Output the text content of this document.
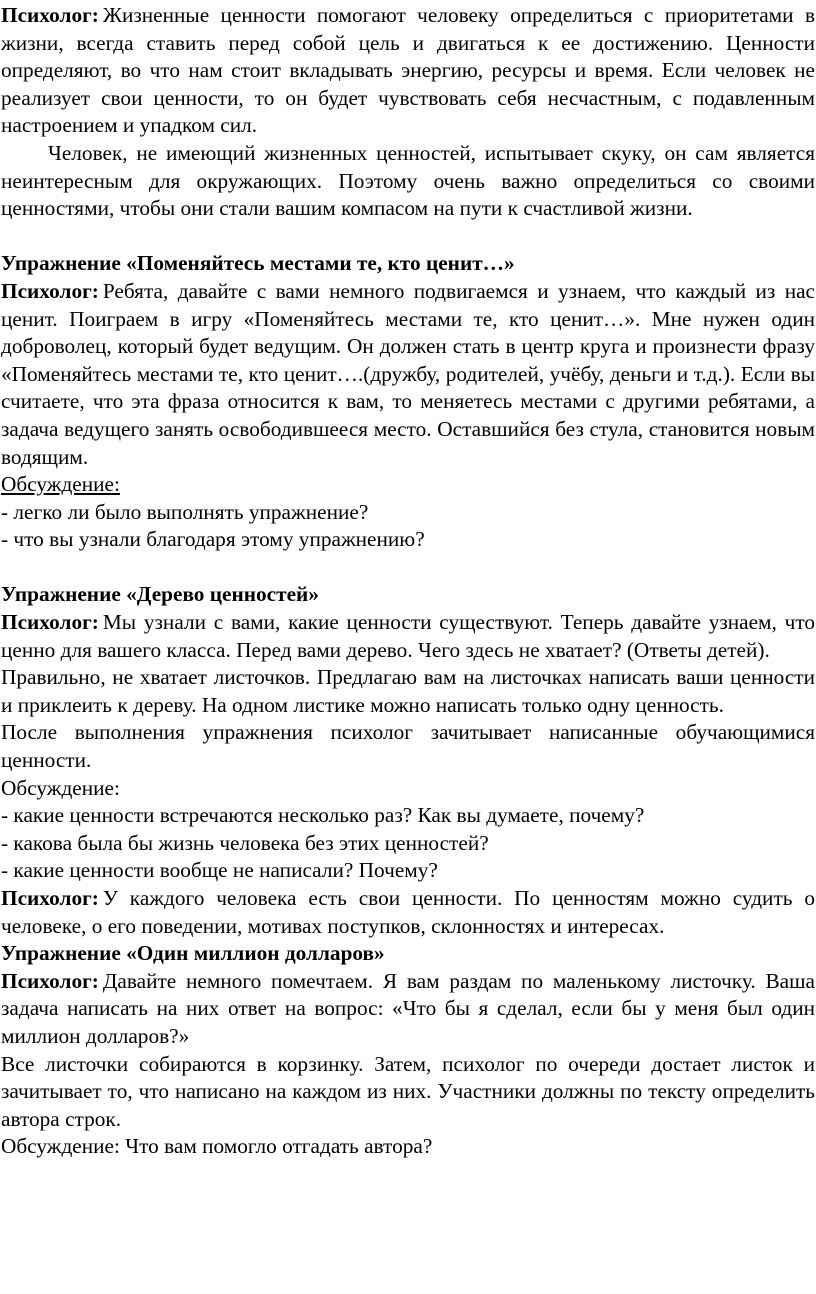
Психолог: Жизненные ценности помогают человеку определиться с приоритетами в жизни, всегда ставить перед собой цель и двигаться к ее достижению. Ценности определяют, во что нам стоит вкладывать энергию, ресурсы и время. Если человек не реализует свои ценности, то он будет чувствовать себя несчастным, с подавленным настроением и упадком сил.

Человек, не имеющий жизненных ценностей, испытывает скуку, он сам является неинтересным для окружающих. Поэтому очень важно определиться со своими ценностями, чтобы они стали вашим компасом на пути к счастливой жизни.

Упражнение «Поменяйтесь местами те, кто ценит…»

Психолог: Ребята, давайте с вами немного подвигаемся и узнаем, что каждый из нас ценит. Поиграем в игру «Поменяйтесь местами те, кто ценит…». Мне нужен один доброволец, который будет ведущим. Он должен стать в центр круга и произнести фразу «Поменяйтесь местами те, кто ценит….(дружбу, родителей, учёбу, деньги и т.д.). Если вы считаете, что эта фраза относится к вам, то меняетесь местами с другими ребятами, а задача ведущего занять освободившееся место. Оставшийся без стула, становится новым водящим.

Обсуждение:

- легко ли было выполнять упражнение?

- что вы узнали благодаря этому упражнению?

Упражнение «Дерево ценностей»

Психолог: Мы узнали с вами, какие ценности существуют. Теперь давайте узнаем, что ценно для вашего класса. Перед вами дерево. Чего здесь не хватает? (Ответы детей).

Правильно, не хватает листочков. Предлагаю вам на листочках написать ваши ценности и приклеить к дереву. На одном листике можно написать только одну ценность.

После выполнения упражнения психолог зачитывает написанные обучающимися ценности.

Обсуждение:

- какие ценности встречаются несколько раз? Как вы думаете, почему?

- какова была бы жизнь человека без этих ценностей?

- какие ценности вообще не написали? Почему?

Психолог: У каждого человека есть свои ценности. По ценностям можно судить о человеке, о его поведении, мотивах поступков, склонностях и интересах.

Упражнение «Один миллион долларов»

Психолог: Давайте немного помечтаем. Я вам раздам по маленькому листочку. Ваша задача написать на них ответ на вопрос: «Что бы я сделал, если бы у меня был один миллион долларов?»

Все листочки собираются в корзинку. Затем, психолог по очереди достает листок и зачитывает то, что написано на каждом из них. Участники должны по тексту определить автора строк.

Обсуждение: Что вам помогло отгадать автора?
